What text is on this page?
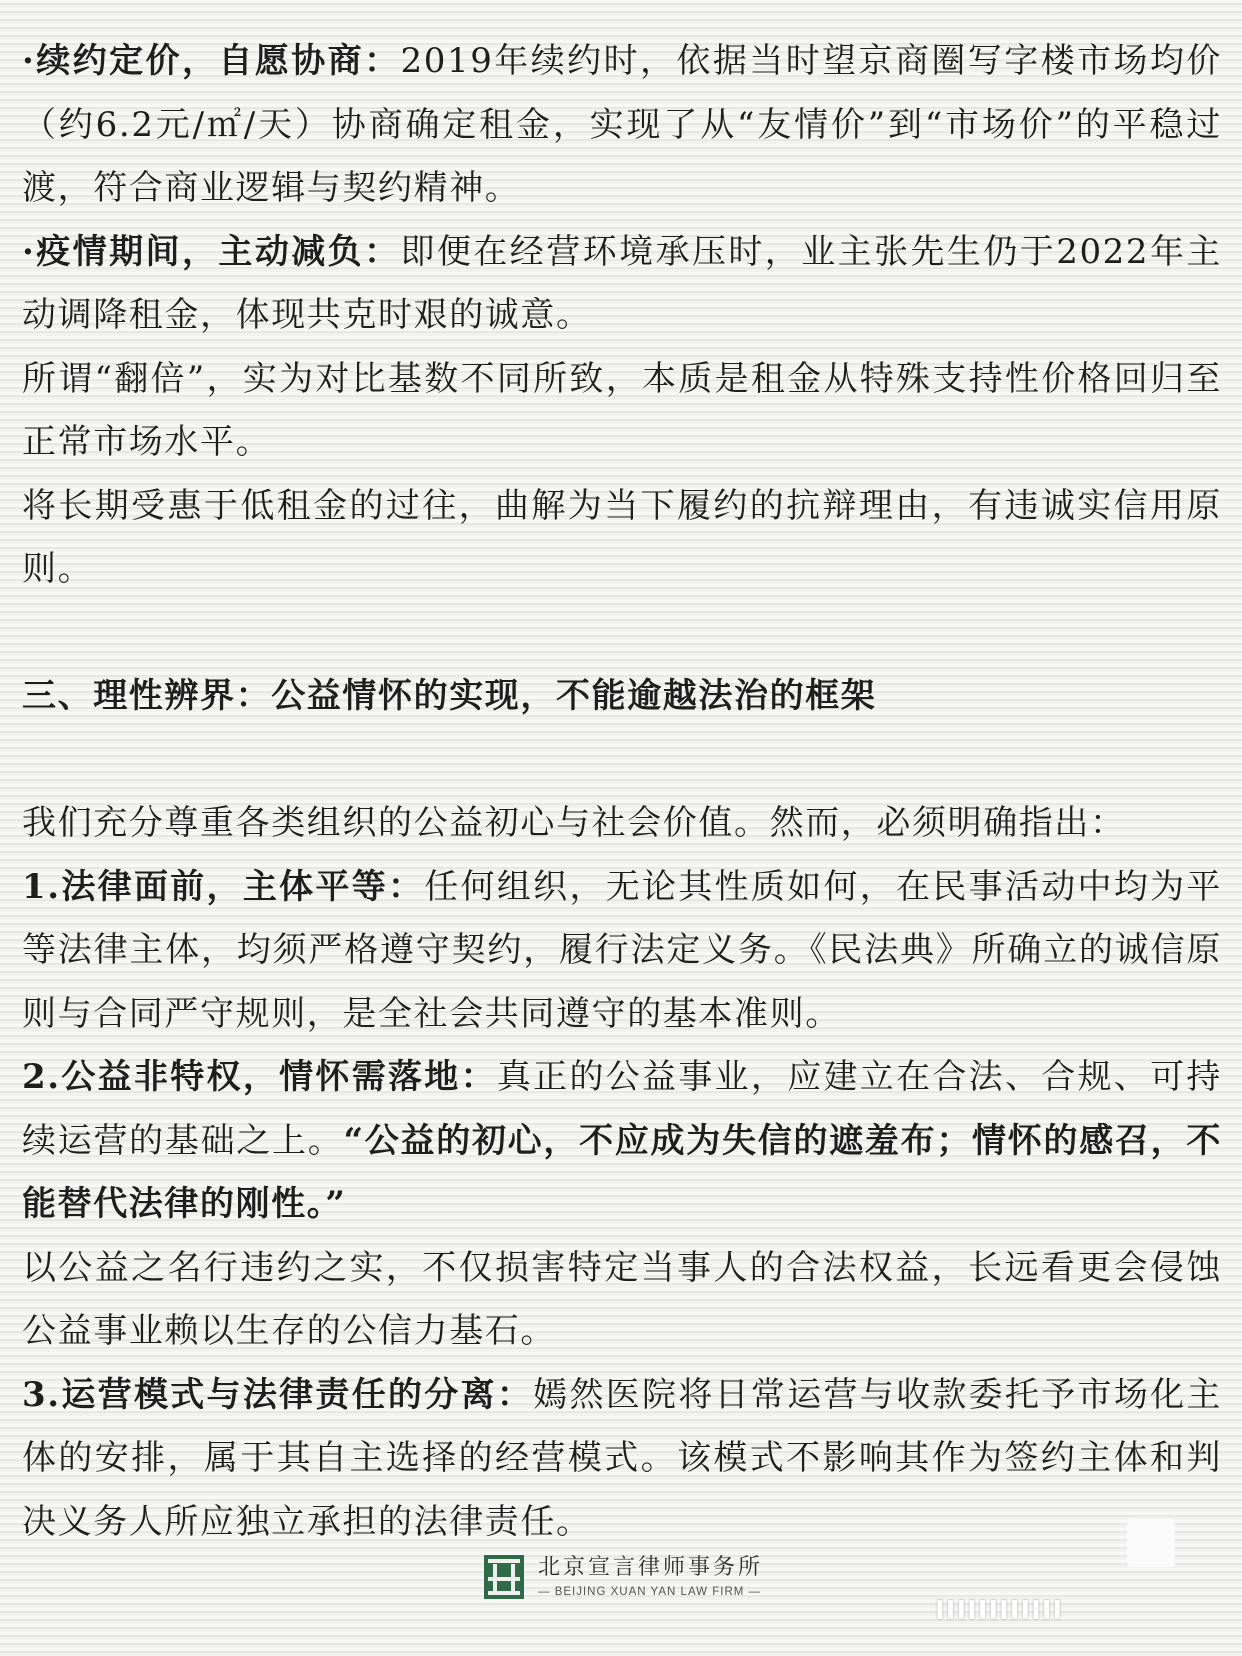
·续约定价，自愿协商：2019年续约时，依据当时望京商圈写字楼市场均价（约6.2元/㎡/天）协商确定租金，实现了从“友情价”到“市场价”的平稳过渡，符合商业逻辑与契约精神。

·疫情期间，主动减负：即便在经营环境承压时，业主张先生仍于2022年主动调降租金，体现共克时艰的诚意。

所谓“翻倍”，实为对比基数不同所致，本质是租金从特殊支持性价格回归至正常市场水平。

将长期受惠于低租金的过往，曲解为当下履约的抗辩理由，有违诚实信用原则。

三、理性辨界：公益情怀的实现，不能逾越法治的框架

我们充分尊重各类组织的公益初心与社会价值。然而，必须明确指出：

1.法律面前，主体平等：任何组织，无论其性质如何，在民事活动中均为平等法律主体，均须严格遵守契约，履行法定义务。《民法典》所确立的诚信原则与合同严守规则，是全社会共同遵守的基本准则。

2.公益非特权，情怀需落地：真正的公益事业，应建立在合法、合规、可持续运营的基础之上。“公益的初心，不应成为失信的遮羞布；情怀的感召，不能替代法律的刚性。”

以公益之名行违约之实，不仅损害特定当事人的合法权益，长远看更会侵蚀公益事业赖以生存的公信力基石。

3.运营模式与法律责任的分离：嫣然医院将日常运营与收款委托予市场化主体的安排，属于其自主选择的经营模式。该模式不影响其作为签约主体和判决义务人所应独立承担的法律责任。

北京宣言律师事务所
— BEIJING XUAN YAN LAW FIRM —
IIIIIIIIIIII
